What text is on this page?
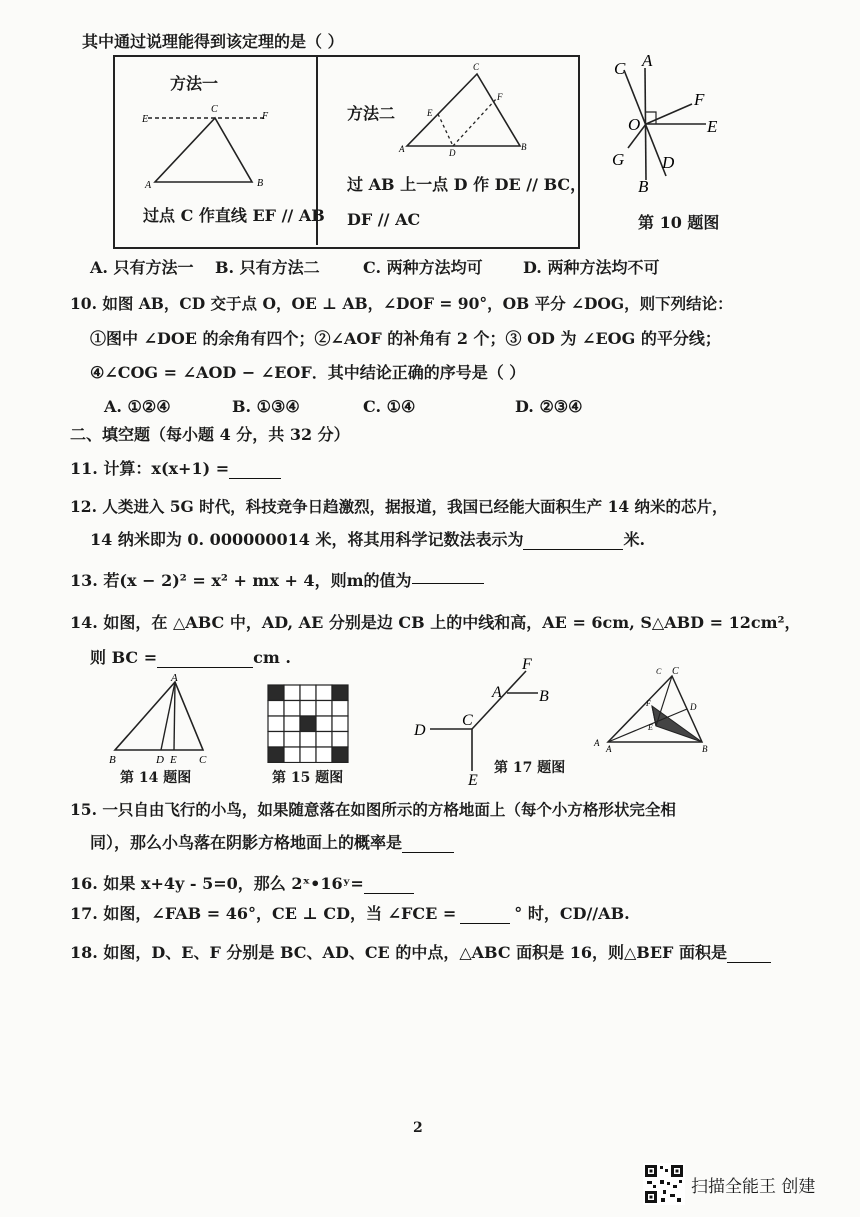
其中通过说理能得到该定理的是（ ）
方法一
E
C
F
A	B
过点 C 作直线 EF // AB
方法二
C
E
F
A	D
B
过 AB 上一点 D 作 DE // BC，
DF // AC
C A
F
O	E
G D
B
第 10 题图
A. 只有方法一 B. 只有方法二	C. 两种方法均可	D. 两种方法均不可
10. 如图 AB，CD 交于点 O，OE ⊥ AB，∠DOF = 90°，OB 平分 ∠DOG，则下列结论：
①图中 ∠DOE 的余角有四个；②∠AOF 的补角有 2 个；③ OD 为 ∠EOG 的平分线；
④∠COG = ∠AOD − ∠EOF．其中结论正确的序号是（ ）
A. ①②④	B. ①③④	C. ①④	D. ②③④
二、填空题（每小题 4 分，共 32 分）
11. 计算：x(x+1) =
12. 人类进入 5G 时代，科技竞争日趋激烈，据报道，我国已经能大面积生产 14 纳米的芯片，
14 纳米即为 0. 000000014 米，将其用科学记数法表示为	米.
13. 若(x − 2)² = x² + mx + 4，则m的值为
14. 如图，在 △ABC 中，AD, AE 分别是边 CB 上的中线和高，AE = 6cm, S△ABD = 12cm²，
则 BC =	cm .
A
B	D E C
第 14 题图	第 15 题图
F
A B
D
C
E
第 17 题图
C C
F	D
E
A
A	B
15. 一只自由飞行的小鸟，如果随意落在如图所示的方格地面上（每个小方格形状完全相
同），那么小鸟落在阴影方格地面上的概率是
16. 如果 x+4y - 5=0，那么 2ˣ•16ʸ=
17. 如图，∠FAB = 46°，CE ⊥ CD，当 ∠FCE =	° 时，CD//AB.
18. 如图，D、E、F 分别是 BC、AD、CE 的中点，△ABC 面积是 16，则△BEF 面积是
2
扫描全能王 创建
